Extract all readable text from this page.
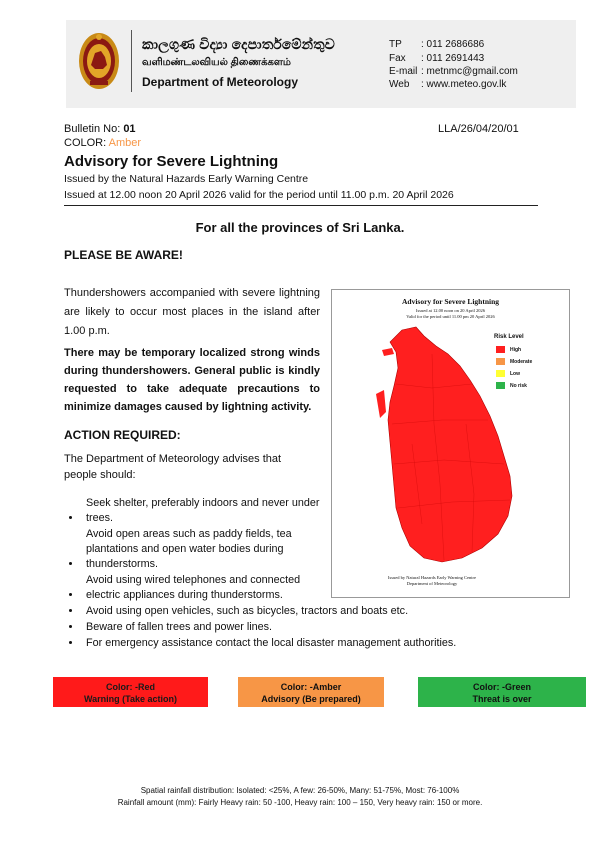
කාලගුණ විද්‍යා දෙපාර්තමේන්තුව
வளிமண்டலவியல் திணைக்களம்
Department of Meteorology
TP : 011 2686686
Fax : 011 2691443
E-mail : metnmc@gmail.com
Web : www.meteo.gov.lk
Bulletin No: 01	LLA/26/04/20/01
COLOR: Amber
Advisory for Severe Lightning
Issued by the Natural Hazards Early Warning Centre
Issued at 12.00 noon 20 April 2026 valid for the period until 11.00 p.m. 20 April 2026
For all the provinces of Sri Lanka.
PLEASE BE AWARE!
Thundershowers accompanied with severe lightning are likely to occur most places in the island after 1.00 p.m.
There may be temporary localized strong winds during thundershowers. General public is kindly requested to take adequate precautions to minimize damages caused by lightning activity.
ACTION REQUIRED:
The Department of Meteorology advises that people should:
• Seek shelter, preferably indoors and never under trees.
• Avoid open areas such as paddy fields, tea plantations and open water bodies during thunderstorms.
• Avoid using wired telephones and connected electric appliances during thunderstorms.
• Avoid using open vehicles, such as bicycles, tractors and boats etc.
• Beware of fallen trees and power lines.
• For emergency assistance contact the local disaster management authorities.
Advisory for Severe Lightning
Issued at 12.00 noon on 20 April 2026
Valid for the period until 11.00 pm 20 April 2026
Risk Level
High
Moderate
Low
No risk
Issued by Natural Hazards Early Warning Centre
Department of Meteorology
Color: -Red
Warning (Take action)
Color: -Amber
Advisory (Be prepared)
Color: -Green
Threat is over
Spatial rainfall distribution: Isolated: <25%, A few: 26-50%, Many: 51-75%, Most: 76-100%
Rainfall amount (mm): Fairly Heavy rain: 50 -100, Heavy rain: 100 – 150, Very heavy rain: 150 or more.
